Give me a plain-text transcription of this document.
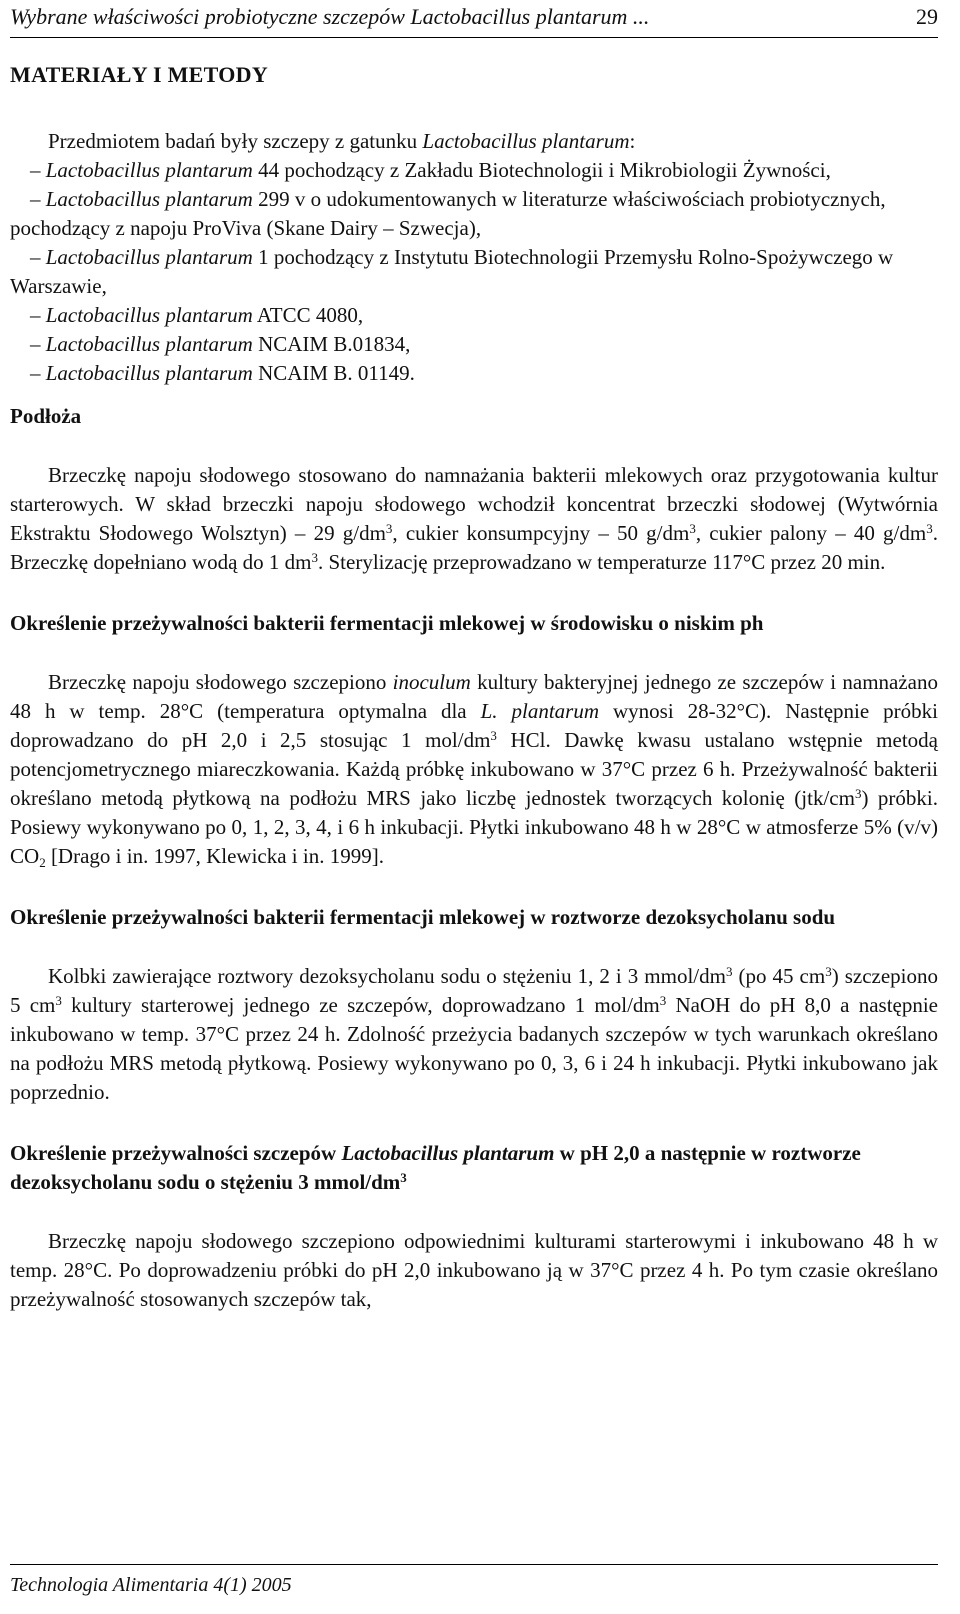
Wybrane właściwości probiotyczne szczepów Lactobacillus plantarum ...	29
MATERIAŁY I METODY

Przedmiotem badań były szczepy z gatunku Lactobacillus plantarum:

– Lactobacillus plantarum 44 pochodzący z Zakładu Biotechnologii i Mikrobiologii Żywności,
– Lactobacillus plantarum 299 v o udokumentowanych w literaturze właściwościach probiotycznych, pochodzący z napoju ProViva (Skane Dairy – Szwecja),
– Lactobacillus plantarum 1 pochodzący z Instytutu Biotechnologii Przemysłu Rolno-Spożywczego w Warszawie,
– Lactobacillus plantarum ATCC 4080,
– Lactobacillus plantarum NCAIM B.01834,
– Lactobacillus plantarum NCAIM B. 01149.
Podłoża

Brzeczkę napoju słodowego stosowano do namnażania bakterii mlekowych oraz przygotowania kultur starterowych. W skład brzeczki napoju słodowego wchodził koncentrat brzeczki słodowej (Wytwórnia Ekstraktu Słodowego Wolsztyn) – 29 $g/dm^3$, cukier konsumpcyjny – 50 $g/dm^3$, cukier palony – 40 $g/dm^3$. Brzeczkę dopełniano wodą do 1 $dm^3$. Sterylizację przeprowadzano w temperaturze 117°C przez 20 min.

Określenie przeżywalności bakterii fermentacji mlekowej w środowisku o niskim ph

Brzeczkę napoju słodowego szczepiono inoculum kultury bakteryjnej jednego ze szczepów i namnażano 48 h w temp. 28°C (temperatura optymalna dla L. plantarum wynosi 28-32°C). Następnie próbki doprowadzano do pH 2,0 i 2,5 stosując 1 mol/$dm^3$ HCl. Dawkę kwasu ustalano wstępnie metodą potencjometrycznego miareczkowania. Każdą próbkę inkubowano w 37°C przez 6 h. Przeżywalność bakterii określano metodą płytkową na podłożu MRS jako liczbę jednostek tworzących kolonię $(jtk/cm^3)$ próbki. Posiewy wykonywano po 0, 1, 2, 3, 4, i 6 h inkubacji. Płytki inkubowano 48 h w 28°C w atmosferze 5% (v/v) $CO_2$ [Drago i in. 1997, Klewicka i in. 1999].

Określenie przeżywalności bakterii fermentacji mlekowej w roztworze dezoksycholanu sodu

Kolbki zawierające roztwory dezoksycholanu sodu o stężeniu 1, 2 i 3 mmol/$dm^3$ (po 45 $cm^3$) szczepiono 5 $cm^3$ kultury starterowej jednego ze szczepów, doprowadzano 1 mol/$dm^3$ NaOH do pH 8,0 a następnie inkubowano w temp. 37°C przez 24 h. Zdolność przeżycia badanych szczepów w tych warunkach określano na podłożu MRS metodą płytkową. Posiewy wykonywano po 0, 3, 6 i 24 h inkubacji. Płytki inkubowano jak poprzednio.

Określenie przeżywalności szczepów Lactobacillus plantarum w pH 2,0 a następnie w roztworze dezoksycholanu sodu o stężeniu 3 mmol/$dm^3$

Brzeczkę napoju słodowego szczepiono odpowiednimi kulturami starterowymi i inkubowano 48 h w temp. 28°C. Po doprowadzeniu próbki do pH 2,0 inkubowano ją w 37°C przez 4 h. Po tym czasie określano przeżywalność stosowanych szczepów tak,

Technologia Alimentaria 4(1) 2005
